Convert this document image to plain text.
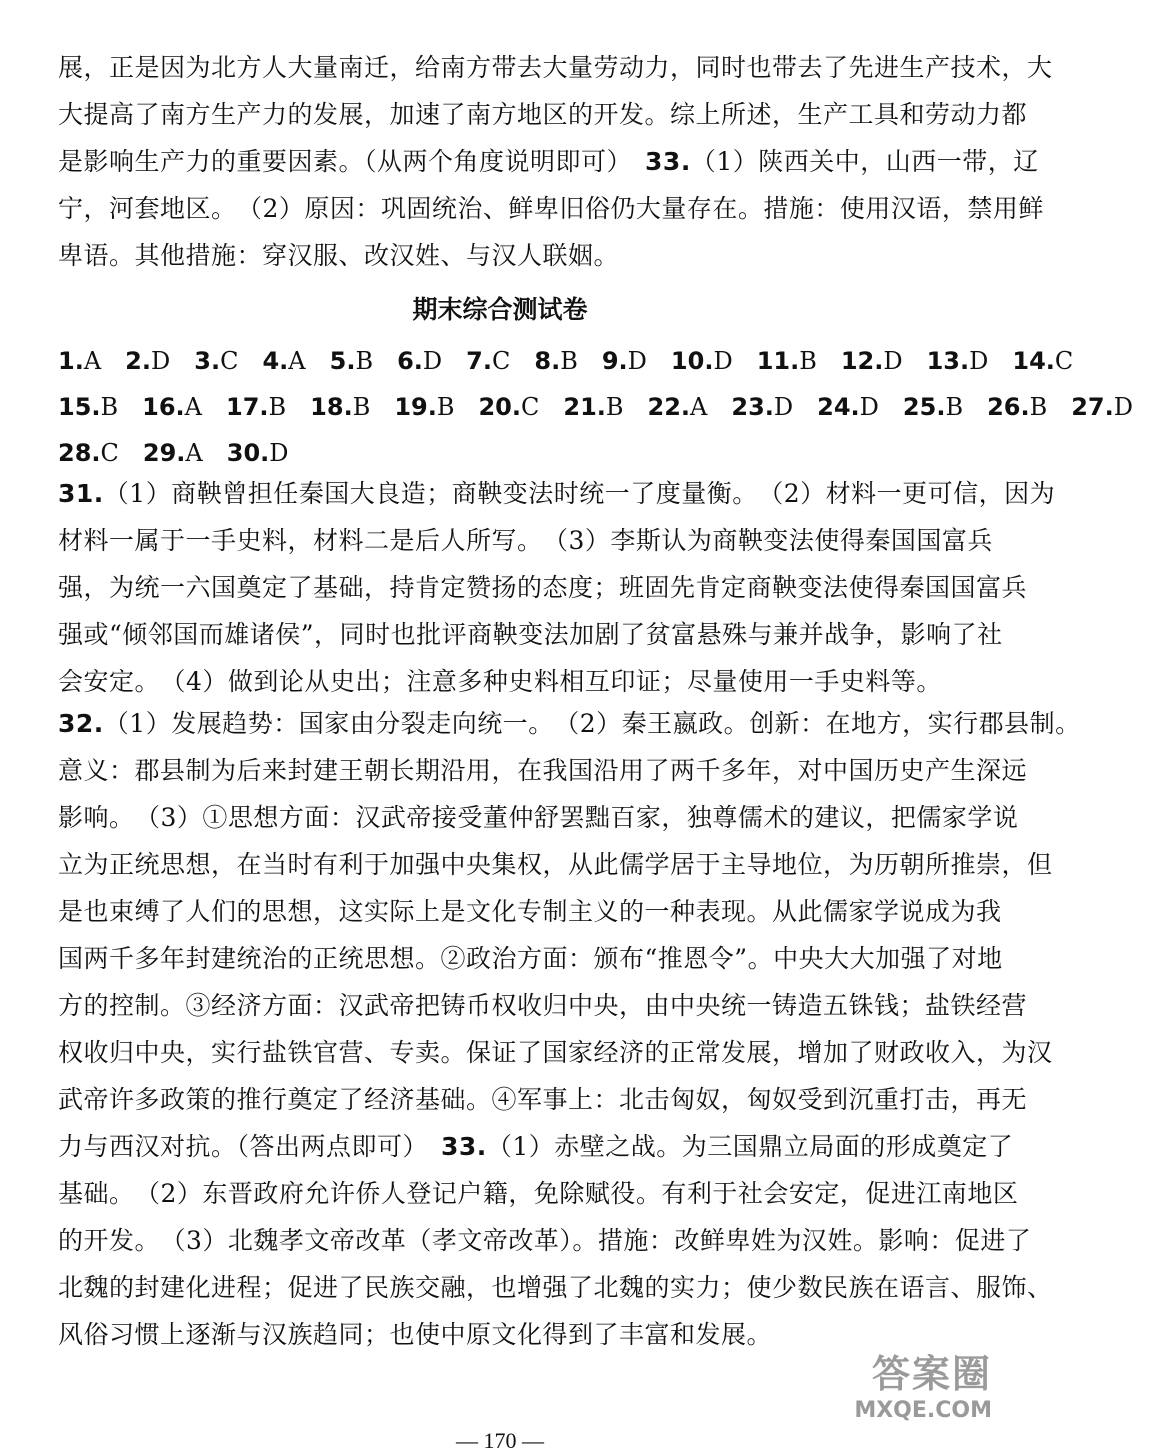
展，正是因为北方人大量南迁，给南方带去大量劳动力，同时也带去了先进生产技术，大
大提高了南方生产力的发展，加速了南方地区的开发。综上所述，生产工具和劳动力都
是影响生产力的重要因素。（从两个角度说明即可）　 33.（1）陕西关中，山西一带，辽
宁，河套地区。　（2）原因：巩固统治、鲜卑旧俗仍大量存在。措施：使用汉语，禁用鲜
卑语。其他措施：穿汉服、改汉姓、与汉人联姻。
期末综合测试卷
1.A 2.D 3.C 4.A 5.B 6.D 7.C 8.B 9.D 10.D 11.B 12.D 13.D 14.C
15.B 16.A 17.B 18.B 19.B 20.C 21.B 22.A 23.D 24.D 25.B 26.B 27.D
28.C 29.A 30.D
31.（1）商鞅曾担任秦国大良造；商鞅变法时统一了度量衡。　（2）材料一更可信，因为
材料一属于一手史料，材料二是后人所写。　（3）李斯认为商鞅变法使得秦国国富兵
强，为统一六国奠定了基础，持肯定赞扬的态度；班固先肯定商鞅变法使得秦国国富兵
强或“倾邻国而雄诸侯”，同时也批评商鞅变法加剧了贫富悬殊与兼并战争，影响了社
会安定。　（4）做到论从史出；注意多种史料相互印证；尽量使用一手史料等。
32.（1）发展趋势：国家由分裂走向统一。　（2）秦王嬴政。创新：在地方，实行郡县制。
意义：郡县制为后来封建王朝长期沿用，在我国沿用了两千多年，对中国历史产生深远
影响。　（3）①思想方面：汉武帝接受董仲舒罢黜百家，独尊儒术的建议，把儒家学说
立为正统思想，在当时有利于加强中央集权，从此儒学居于主导地位，为历朝所推崇，但
是也束缚了人们的思想，这实际上是文化专制主义的一种表现。从此儒家学说成为我
国两千多年封建统治的正统思想。②政治方面：颁布“推恩令”。中央大大加强了对地
方的控制。③经济方面：汉武帝把铸币权收归中央，由中央统一铸造五铢钱；盐铁经营
权收归中央，实行盐铁官营、专卖。保证了国家经济的正常发展，增加了财政收入，为汉
武帝许多政策的推行奠定了经济基础。④军事上：北击匈奴，匈奴受到沉重打击，再无
力与西汉对抗。（答出两点即可）　33.（1）赤壁之战。为三国鼎立局面的形成奠定了
基础。　（2）东晋政府允许侨人登记户籍，免除赋役。有利于社会安定，促进江南地区
的开发。　（3）北魏孝文帝改革（孝文帝改革）。措施：改鲜卑姓为汉姓。影响：促进了
北魏的封建化进程；促进了民族交融，也增强了北魏的实力；使少数民族在语言、服饰、
风俗习惯上逐渐与汉族趋同；也使中原文化得到了丰富和发展。
— 170 —
答案圈
MXQE.COM
